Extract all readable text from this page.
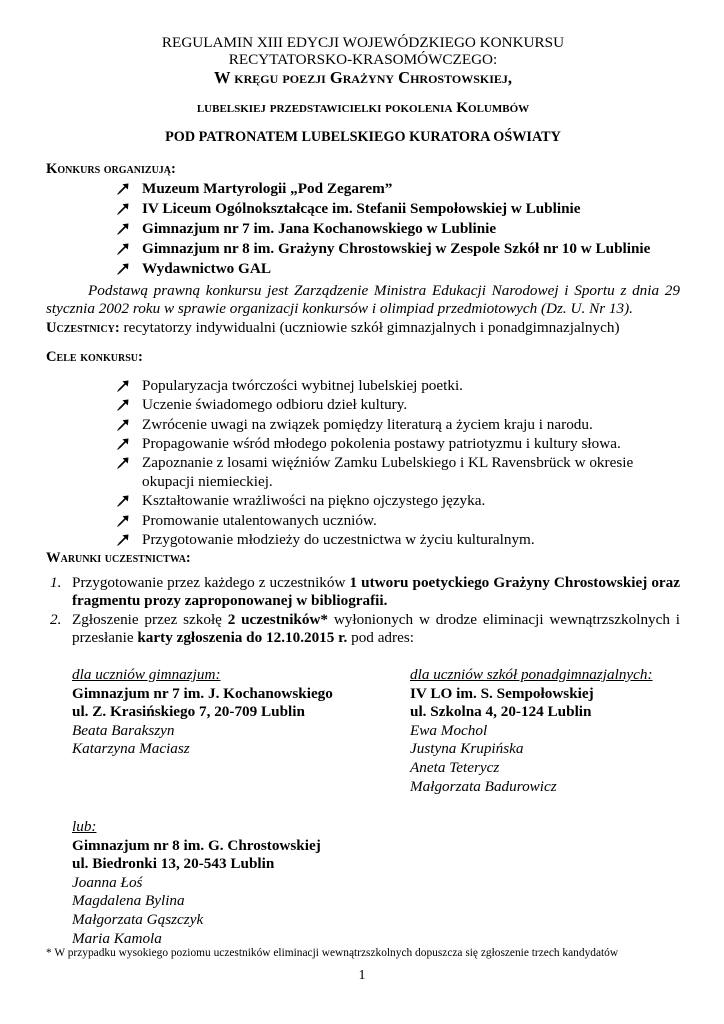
REGULAMIN XIII EDYCJI WOJEWÓDZKIEGO KONKURSU
RECYTATORSKO-KRASOMÓWCZEGO:
W kręgu poezji Grażyny Chrostowskiej,
lubelskiej przedstawicielki pokolenia Kolumbów
POD PATRONATEM LUBELSKIEGO KURATORA OŚWIATY
Konkurs organizują:
Muzeum Martyrologii „Pod Zegarem”
IV Liceum Ogólnokształcące im. Stefanii Sempołowskiej w Lublinie
Gimnazjum nr 7 im. Jana Kochanowskiego w Lublinie
Gimnazjum nr 8 im. Grażyny Chrostowskiej w Zespole Szkół nr 10 w Lublinie
Wydawnictwo GAL
Podstawą prawną konkursu jest Zarządzenie Ministra Edukacji Narodowej i Sportu z dnia 29 stycznia 2002 roku w sprawie organizacji konkursów i olimpiad przedmiotowych (Dz. U. Nr 13).
Uczestnicy: recytatorzy indywidualni (uczniowie szkół gimnazjalnych i ponadgimnazjalnych)
Cele konkursu:
Popularyzacja twórczości wybitnej lubelskiej poetki.
Uczenie świadomego odbioru dzieł kultury.
Zwrócenie uwagi na związek pomiędzy literaturą a życiem kraju i narodu.
Propagowanie wśród młodego pokolenia postawy patriotyzmu i kultury słowa.
Zapoznanie z losami więźniów Zamku Lubelskiego i KL Ravensbrück w okresie okupacji niemieckiej.
Kształtowanie wrażliwości na piękno ojczystego języka.
Promowanie utalentowanych uczniów.
Przygotowanie młodzieży do uczestnictwa w życiu kulturalnym.
Warunki uczestnictwa:
1. Przygotowanie przez każdego z uczestników 1 utworu poetyckiego Grażyny Chrostowskiej oraz fragmentu prozy zaproponowanej w bibliografii.
2. Zgłoszenie przez szkołę 2 uczestników* wyłonionych w drodze eliminacji wewnątrzszkolnych i przesłanie karty zgłoszenia do 12.10.2015 r. pod adres:
dla uczniów gimnazjum:
Gimnazjum nr 7 im. J. Kochanowskiego
ul. Z. Krasińskiego 7, 20-709 Lublin
Beata Barakszyn
Katarzyna Maciasz
dla uczniów szkół ponadgimnazjalnych:
IV LO im. S. Sempołowskiej
ul. Szkolna 4, 20-124 Lublin
Ewa Mochol
Justyna Krupińska
Aneta Teterycz
Małgorzata Badurowicz
lub:
Gimnazjum nr 8 im. G. Chrostowskiej
ul. Biedronki 13, 20-543 Lublin
Joanna Łoś
Magdalena Bylina
Małgorzata Gąszczyk
Maria Kamola
* W przypadku wysokiego poziomu uczestników eliminacji wewnątrzszkolnych dopuszcza się zgłoszenie trzech kandydatów
1
